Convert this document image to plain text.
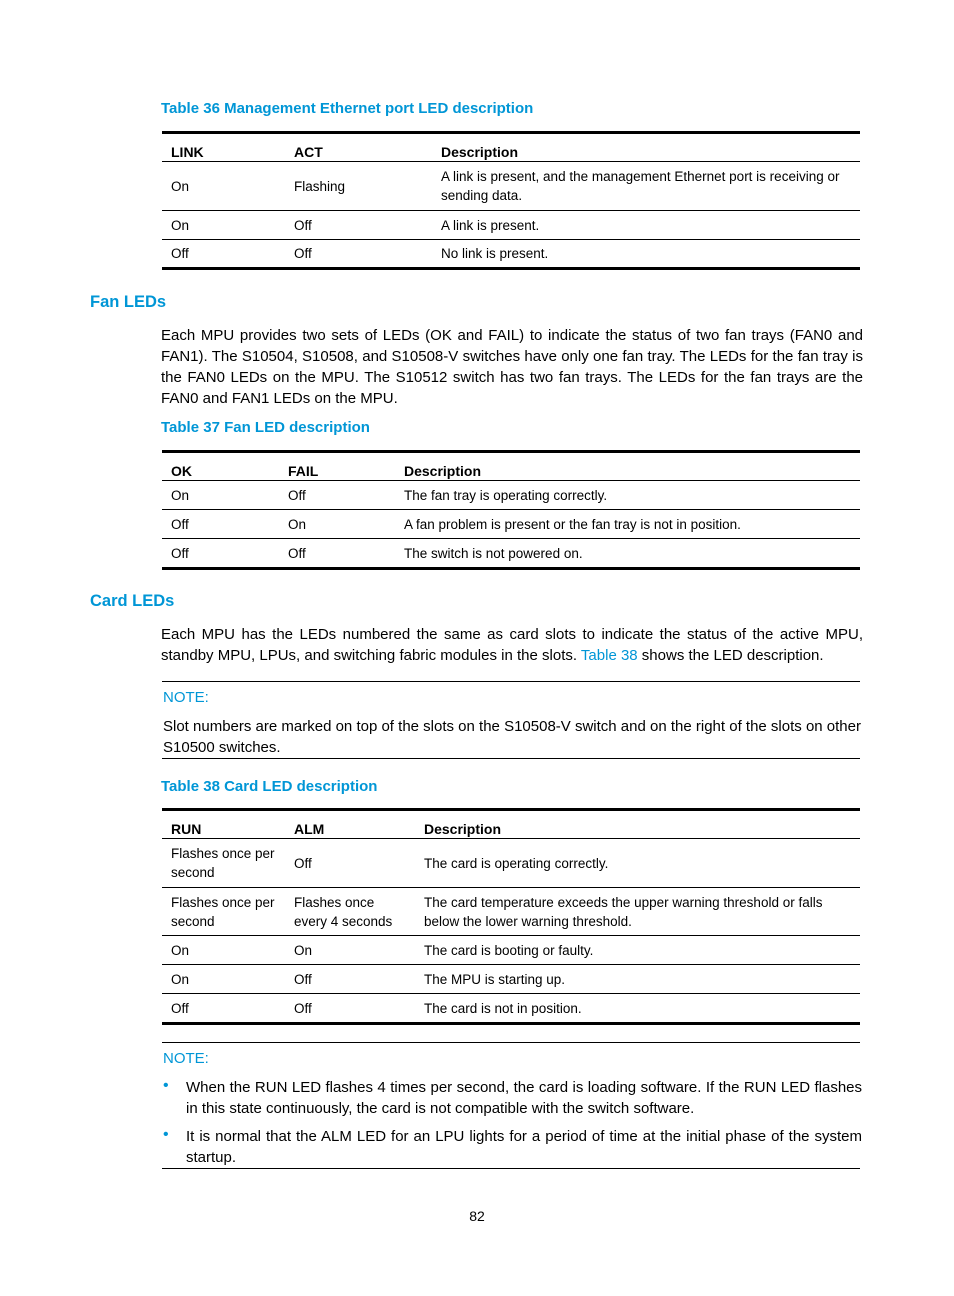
Table 36 Management Ethernet port LED description
LINK	ACT	Description
On	Flashing	A link is present, and the management Ethernet port is receiving or sending data.
On	Off	A link is present.
Off	Off	No link is present.
Fan LEDs
Each MPU provides two sets of LEDs (OK and FAIL) to indicate the status of two fan trays (FAN0 and FAN1). The S10504, S10508, and S10508-V switches have only one fan tray. The LEDs for the fan tray is the FAN0 LEDs on the MPU. The S10512 switch has two fan trays. The LEDs for the fan trays are the FAN0 and FAN1 LEDs on the MPU.
Table 37 Fan LED description
OK	FAIL	Description
On	Off	The fan tray is operating correctly.
Off	On	A fan problem is present or the fan tray is not in position.
Off	Off	The switch is not powered on.
Card LEDs
Each MPU has the LEDs numbered the same as card slots to indicate the status of the active MPU, standby MPU, LPUs, and switching fabric modules in the slots. Table 38 shows the LED description.
NOTE:
Slot numbers are marked on top of the slots on the S10508-V switch and on the right of the slots on other S10500 switches.
Table 38 Card LED description
RUN	ALM	Description
Flashes once per second	Off	The card is operating correctly.
Flashes once per second	Flashes once every 4 seconds	The card temperature exceeds the upper warning threshold or falls below the lower warning threshold.
On	On	The card is booting or faulty.
On	Off	The MPU is starting up.
Off	Off	The card is not in position.
NOTE:
• When the RUN LED flashes 4 times per second, the card is loading software. If the RUN LED flashes in this state continuously, the card is not compatible with the switch software.
• It is normal that the ALM LED for an LPU lights for a period of time at the initial phase of the system startup.
82
